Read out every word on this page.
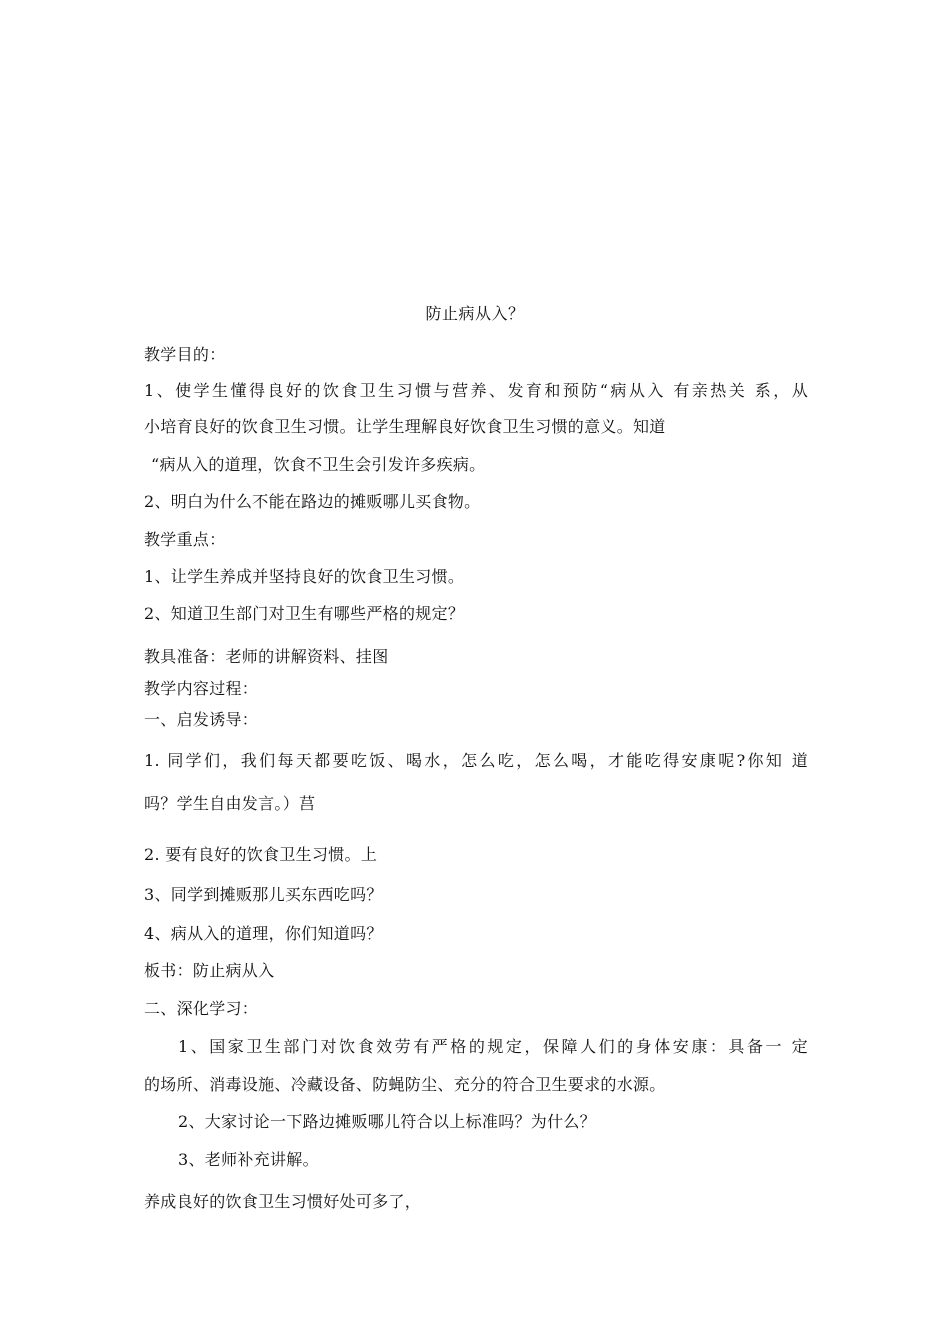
防止病从入？
教学目的：
1、使学生懂得良好的饮食卫生习惯与营养、发育和预防“病从入 有亲热关 系，从
小培育良好的饮食卫生习惯。让学生理解良好饮食卫生习惯的意义。知道
“病从入的道理，饮食不卫生会引发许多疾病。
2、明白为什么不能在路边的摊贩哪儿买食物。
教学重点：
1、让学生养成并坚持良好的饮食卫生习惯。
2、知道卫生部门对卫生有哪些严格的规定？
教具准备：老师的讲解资料、挂图
教学内容过程：
一、启发诱导：
1. 同学们，我们每天都要吃饭、喝水，怎么吃，怎么喝，才能吃得安康呢?你知 道
吗？学生自由发言。）莒
2. 要有良好的饮食卫生习惯。上
3、同学到摊贩那儿买东西吃吗？
4、病从入的道理，你们知道吗？
板书：防止病从入
二、深化学习：
1、国家卫生部门对饮食效劳有严格的规定，保障人们的身体安康：具备一 定
的场所、消毒设施、冷藏设备、防蝇防尘、充分的符合卫生要求的水源。
2、大家讨论一下路边摊贩哪儿符合以上标准吗？为什么？
3、老师补充讲解。
养成良好的饮食卫生习惯好处可多了，
